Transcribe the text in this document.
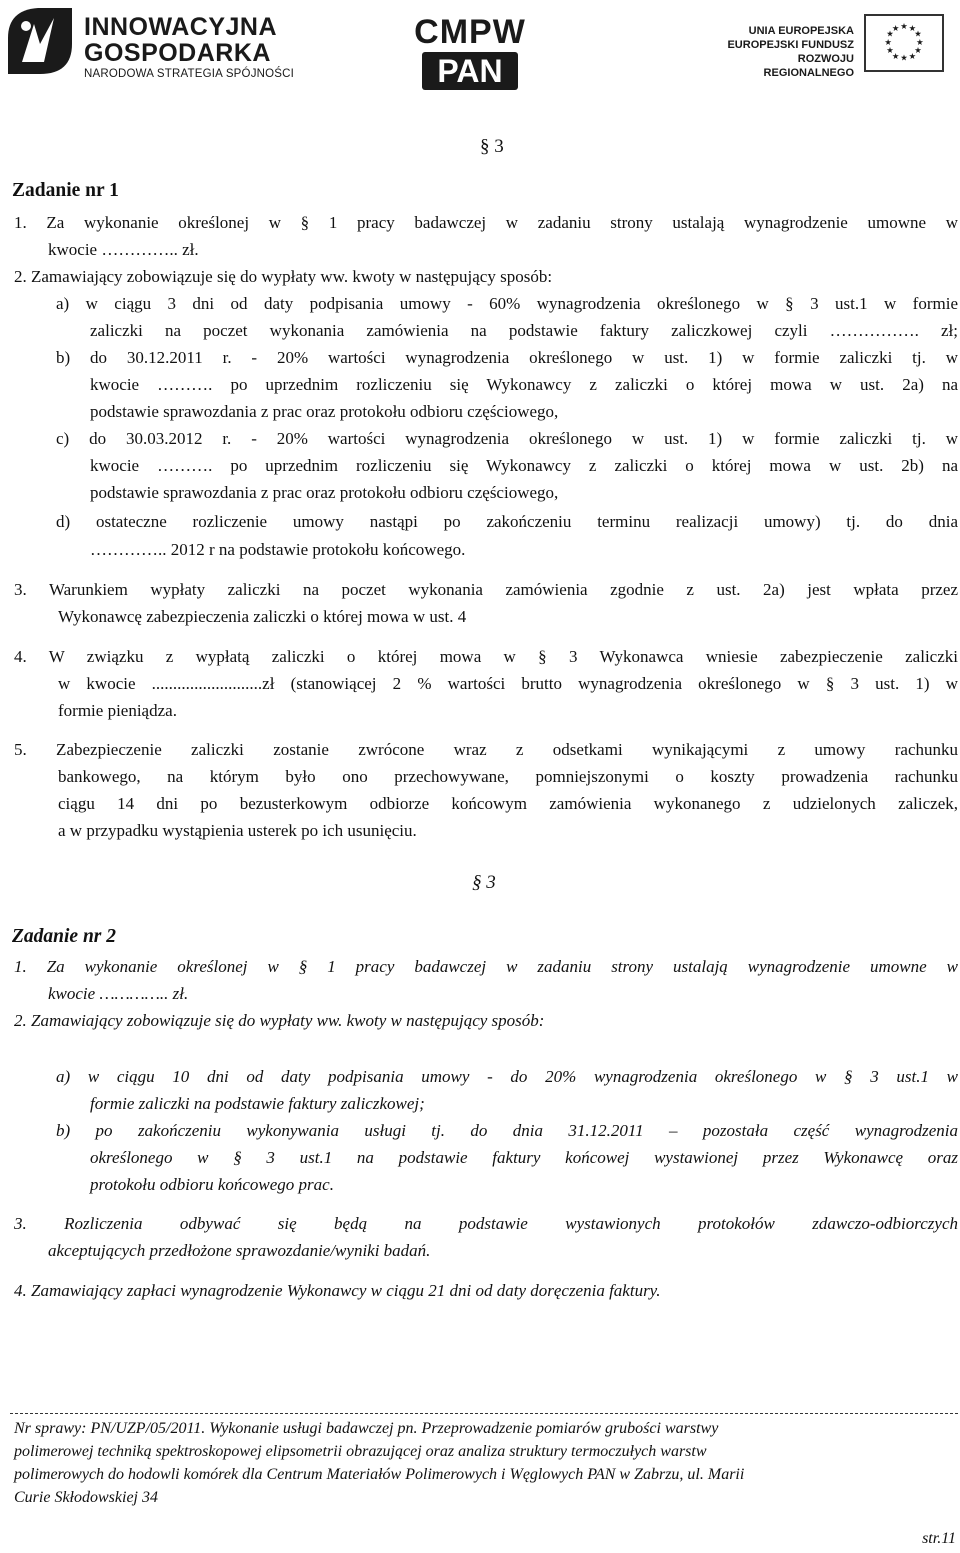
INNOWACYJNA
GOSPODARKA
NARODOWA STRATEGIA SPÓJNOŚCI
CMPW
PAN
UNIA EUROPEJSKA
EUROPEJSKI FUNDUSZ
ROZWOJU REGIONALNEGO
★ ★
★
★
★
★
★
★
★
★
★
★
§ 3
Zadanie nr 1
1. Za wykonanie określonej w § 1 pracy badawczej w zadaniu strony ustalają wynagrodzenie umowne w
kwocie ………….. zł.
2. Zamawiający zobowiązuje się do wypłaty ww. kwoty w następujący sposób:
a) w ciągu 3 dni od daty podpisania umowy - 60% wynagrodzenia określonego w § 3 ust.1 w formie
zaliczki na poczet wykonania zamówienia na podstawie faktury zaliczkowej czyli ……………. zł;
b) do 30.12.2011 r. - 20% wartości wynagrodzenia określonego w ust. 1) w formie zaliczki tj. w
kwocie ………. po uprzednim rozliczeniu się Wykonawcy z zaliczki o której mowa w ust. 2a) na
podstawie sprawozdania z prac oraz protokołu odbioru częściowego,
c) do 30.03.2012 r. - 20% wartości wynagrodzenia określonego w ust. 1) w formie zaliczki tj. w
kwocie ………. po uprzednim rozliczeniu się Wykonawcy z zaliczki o której mowa w ust. 2b) na
podstawie sprawozdania z prac oraz protokołu odbioru częściowego,
d) ostateczne rozliczenie umowy nastąpi po zakończeniu terminu realizacji umowy) tj. do dnia
………….. 2012 r na podstawie protokołu końcowego.
3. Warunkiem wypłaty zaliczki na poczet wykonania zamówienia zgodnie z ust. 2a) jest wpłata przez
Wykonawcę zabezpieczenia zaliczki o której mowa w ust. 4
4. W związku z wypłatą zaliczki o której mowa w § 3 Wykonawca wniesie zabezpieczenie zaliczki
w kwocie ..........................zł (stanowiącej 2 % wartości brutto wynagrodzenia określonego w § 3 ust. 1) w
formie pieniądza.
5. Zabezpieczenie zaliczki zostanie zwrócone wraz z odsetkami wynikającymi z umowy rachunku
bankowego, na którym było ono przechowywane, pomniejszonymi o koszty prowadzenia rachunku
ciągu 14 dni po bezusterkowym odbiorze końcowym zamówienia wykonanego z udzielonych zaliczek,
a w przypadku wystąpienia usterek po ich usunięciu.
§ 3
Zadanie nr 2
1. Za wykonanie określonej w § 1 pracy badawczej w zadaniu strony ustalają wynagrodzenie umowne w
kwocie ………….. zł.
2. Zamawiający zobowiązuje się do wypłaty ww. kwoty w następujący sposób:
a) w ciągu 10 dni od daty podpisania umowy - do 20% wynagrodzenia określonego w § 3 ust.1 w
formie zaliczki na podstawie faktury zaliczkowej;
b) po zakończeniu wykonywania usługi tj. do dnia 31.12.2011 – pozostała część wynagrodzenia
określonego w § 3 ust.1 na podstawie faktury końcowej wystawionej przez Wykonawcę oraz
protokołu odbioru końcowego prac.
3. Rozliczenia odbywać się będą na podstawie wystawionych protokołów zdawczo-odbiorczych
akceptujących przedłożone sprawozdanie/wyniki badań.
4. Zamawiający zapłaci wynagrodzenie Wykonawcy w ciągu 21 dni od daty doręczenia faktury.
Nr sprawy: PN/UZP/05/2011. Wykonanie usługi badawczej pn. Przeprowadzenie pomiarów grubości warstwy
polimerowej techniką spektroskopowej elipsometrii obrazującej oraz analiza struktury termoczułych warstw
polimerowych do hodowli komórek dla Centrum Materiałów Polimerowych i Węglowych PAN w Zabrzu, ul. Marii
Curie Skłodowskiej 34
str.11
